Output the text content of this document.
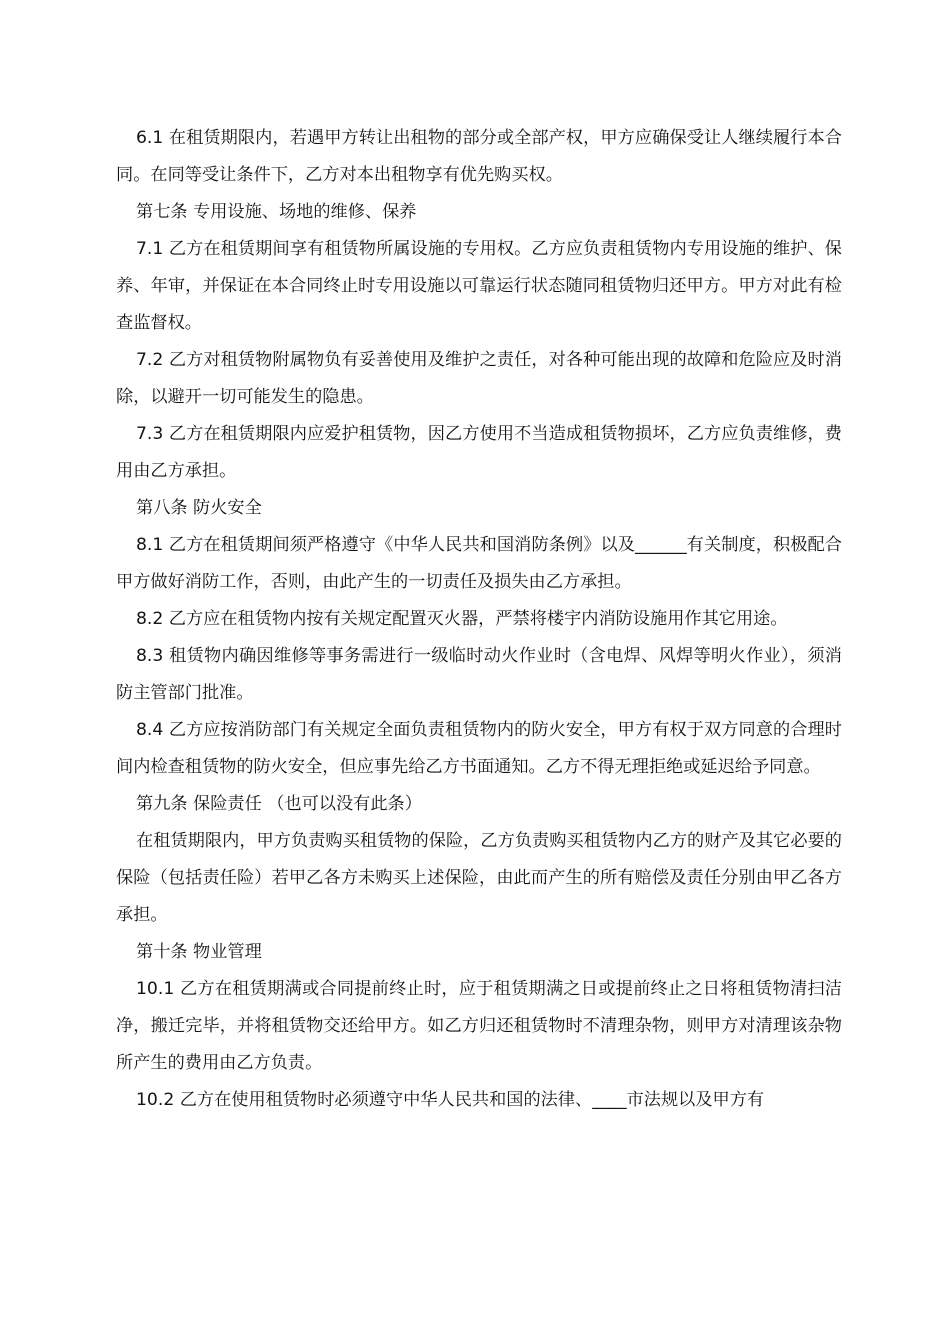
6.1 在租赁期限内，若遇甲方转让出租物的部分或全部产权，甲方应确保受让人继续履行本合同。在同等受让条件下，乙方对本出租物享有优先购买权。

第七条 专用设施、场地的维修、保养

7.1 乙方在租赁期间享有租赁物所属设施的专用权。乙方应负责租赁物内专用设施的维护、保养、年审，并保证在本合同终止时专用设施以可靠运行状态随同租赁物归还甲方。甲方对此有检查监督权。

7.2 乙方对租赁物附属物负有妥善使用及维护之责任，对各种可能出现的故障和危险应及时消除，以避开一切可能发生的隐患。

7.3 乙方在租赁期限内应爱护租赁物，因乙方使用不当造成租赁物损坏，乙方应负责维修，费用由乙方承担。

第八条 防火安全

8.1 乙方在租赁期间须严格遵守《中华人民共和国消防条例》以及______有关制度，积极配合甲方做好消防工作，否则，由此产生的一切责任及损失由乙方承担。

8.2 乙方应在租赁物内按有关规定配置灭火器，严禁将楼宇内消防设施用作其它用途。

8.3 租赁物内确因维修等事务需进行一级临时动火作业时（含电焊、风焊等明火作业），须消防主管部门批准。

8.4 乙方应按消防部门有关规定全面负责租赁物内的防火安全，甲方有权于双方同意的合理时间内检查租赁物的防火安全，但应事先给乙方书面通知。乙方不得无理拒绝或延迟给予同意。

第九条 保险责任 （也可以没有此条）

在租赁期限内，甲方负责购买租赁物的保险，乙方负责购买租赁物内乙方的财产及其它必要的保险（包括责任险）若甲乙各方未购买上述保险，由此而产生的所有赔偿及责任分别由甲乙各方承担。

第十条 物业管理

10.1 乙方在租赁期满或合同提前终止时，应于租赁期满之日或提前终止之日将租赁物清扫洁净，搬迁完毕，并将租赁物交还给甲方。如乙方归还租赁物时不清理杂物，则甲方对清理该杂物所产生的费用由乙方负责。

10.2 乙方在使用租赁物时必须遵守中华人民共和国的法律、____市法规以及甲方有
